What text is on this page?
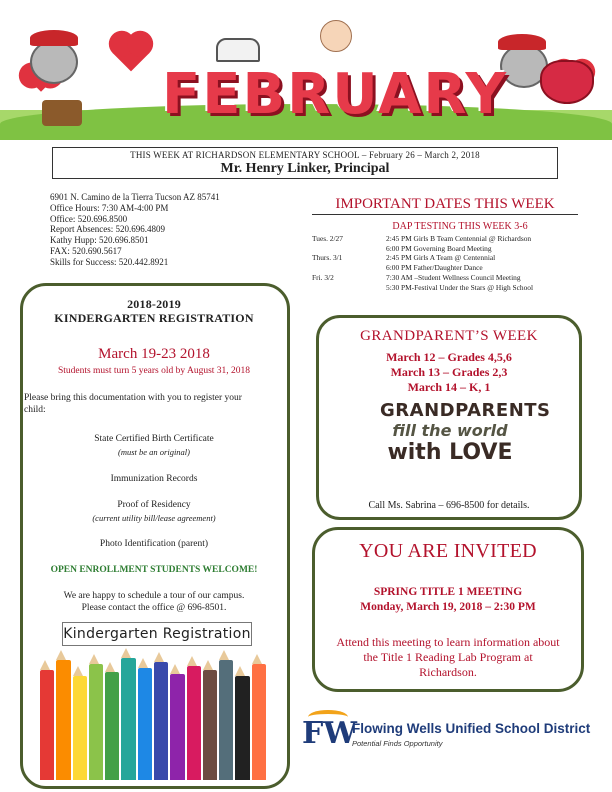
FEBRUARY
THIS WEEK AT RICHARDSON ELEMENTARY SCHOOL – February 26 – March 2, 2018
Mr. Henry Linker, Principal
6901 N. Camino de la Tierra Tucson AZ 85741
Office Hours: 7:30 AM-4:00 PM
Office: 520.696.8500
Report Absences: 520.696.4809
Kathy Hupp: 520.696.8501
FAX: 520.690.5617
Skills for Success: 520.442.8921
IMPORTANT DATES THIS WEEK
DAP TESTING THIS WEEK 3-6
Tues. 2/27	2:45 PM Girls B Team Centennial @ Richardson
6:00 PM Governing Board Meeting
Thurs. 3/1	2:45 PM Girls A Team @ Centennial
6:00 PM Father/Daughter Dance
Fri. 3/2	7:30 AM –Student Wellness Council Meeting
5:30 PM-Festival Under the Stars @ High School
2018-2019
KINDERGARTEN REGISTRATION
March 19-23 2018
Students must turn 5 years old by August 31, 2018
Please bring this documentation with you to register your child:
State Certified Birth Certificate
(must be an original)
Immunization Records
Proof of Residency
(current utility bill/lease agreement)
Photo Identification (parent)
OPEN ENROLLMENT STUDENTS WELCOME!
We are happy to schedule a tour of our campus.
Please contact the office @ 696-8501.
Kindergarten Registration
GRANDPARENT’S WEEK
March 12 – Grades 4,5,6
March 13 – Grades 2,3
March 14 – K, 1
GRANDPARENTS
fill the world
with LOVE
Call Ms. Sabrina – 696-8500 for details.
YOU ARE INVITED
SPRING TITLE 1 MEETING
Monday, March 19, 2018 – 2:30 PM
Attend this meeting to learn information about the Title 1 Reading Lab Program at Richardson.
FW
Flowing Wells Unified School District
Potential Finds Opportunity
